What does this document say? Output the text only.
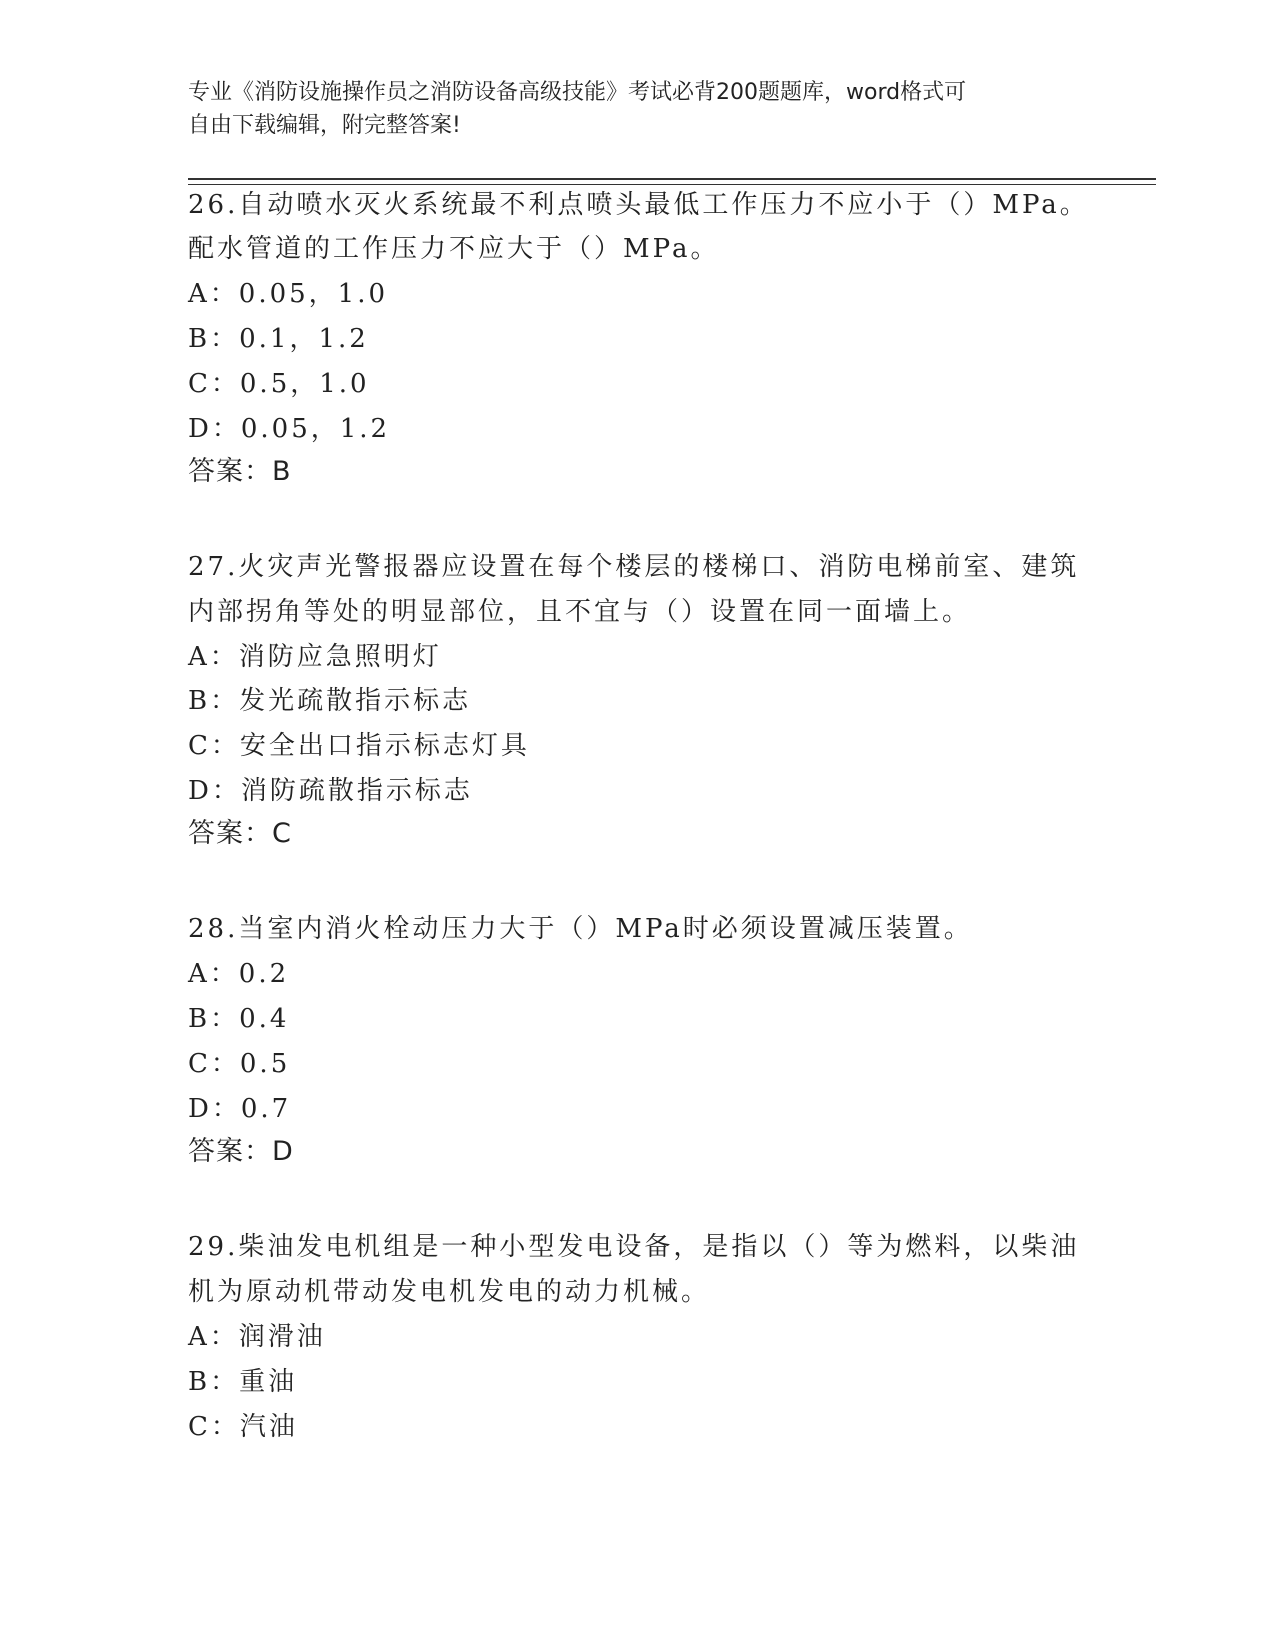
专业《消防设施操作员之消防设备高级技能》考试必背200题题库，word格式可
自由下载编辑，附完整答案!
26.自动喷水灭火系统最不利点喷头最低工作压力不应小于（）MPa。
配水管道的工作压力不应大于（）MPa。
A：0.05，1.0
B：0.1，1.2
C：0.5，1.0
D：0.05，1.2
答案：B
27.火灾声光警报器应设置在每个楼层的楼梯口、消防电梯前室、建筑
内部拐角等处的明显部位，且不宜与（）设置在同一面墙上。
A：消防应急照明灯
B：发光疏散指示标志
C：安全出口指示标志灯具
D：消防疏散指示标志
答案：C
28.当室内消火栓动压力大于（）MPa时必须设置减压装置。
A：0.2
B：0.4
C：0.5
D：0.7
答案：D
29.柴油发电机组是一种小型发电设备，是指以（）等为燃料，以柴油
机为原动机带动发电机发电的动力机械。
A：润滑油
B：重油
C：汽油
